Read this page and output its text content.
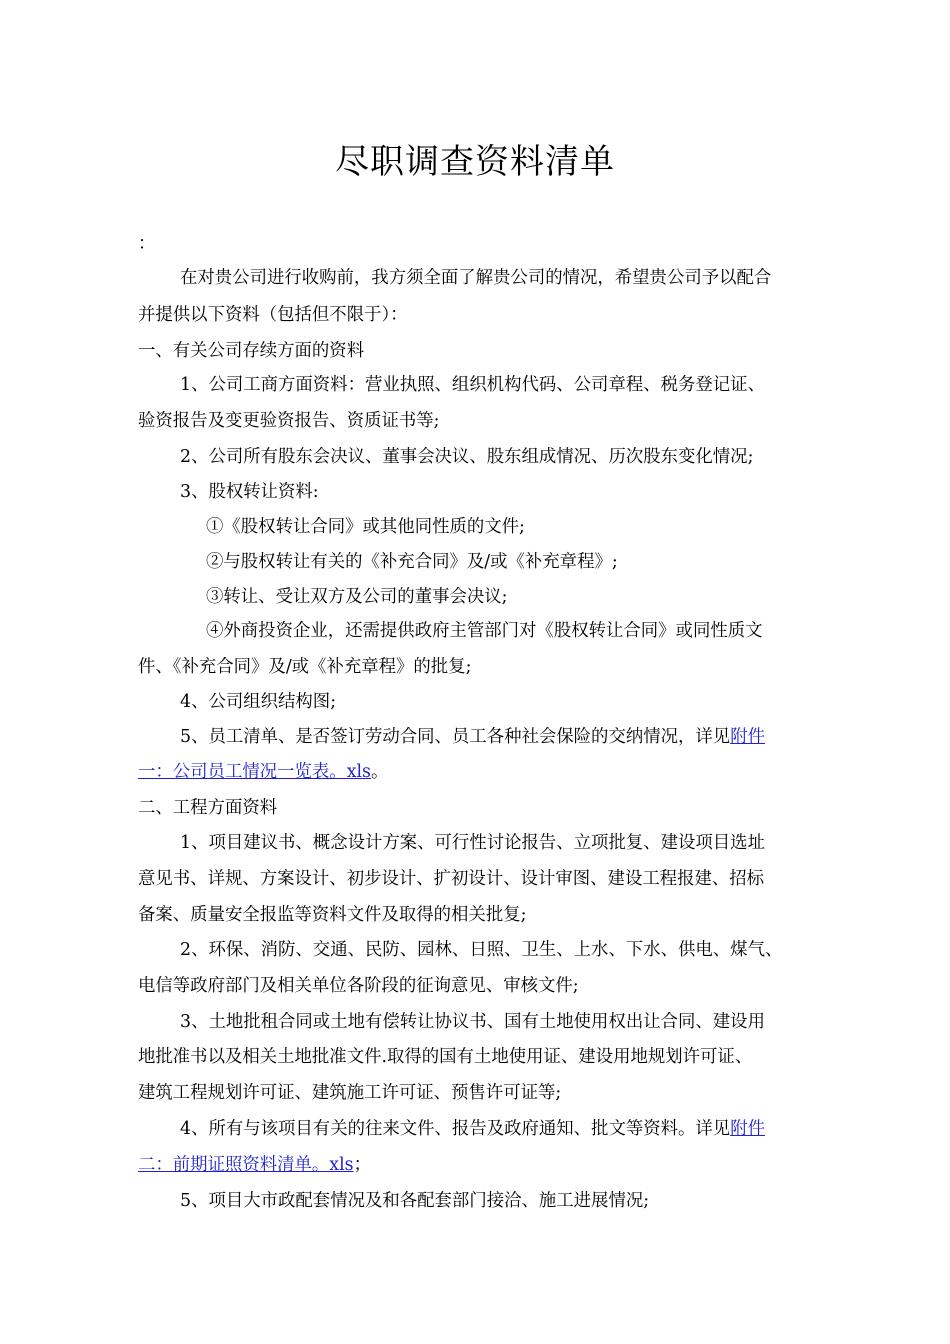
尽职调查资料清单
：
在对贵公司进行收购前，我方须全面了解贵公司的情况，希望贵公司予以配合
并提供以下资料（包括但不限于）：
一、有关公司存续方面的资料
1、公司工商方面资料：营业执照、组织机构代码、公司章程、税务登记证、
验资报告及变更验资报告、资质证书等;
2、公司所有股东会决议、董事会决议、股东组成情况、历次股东变化情况;
3、股权转让资料:
①《股权转让合同》或其他同性质的文件;
②与股权转让有关的《补充合同》及/或《补充章程》;
③转让、受让双方及公司的董事会决议;
④外商投资企业，还需提供政府主管部门对《股权转让合同》或同性质文
件、《补充合同》及/或《补充章程》的批复;
4、公司组织结构图;
5、员工清单、是否签订劳动合同、员工各种社会保险的交纳情况，详见附件
一：公司员工情况一览表。xls。
二、工程方面资料
1、项目建议书、概念设计方案、可行性讨论报告、立项批复、建设项目选址
意见书、详规、方案设计、初步设计、扩初设计、设计审图、建设工程报建、招标
备案、质量安全报监等资料文件及取得的相关批复;
2、环保、消防、交通、民防、园林、日照、卫生、上水、下水、供电、煤气、
电信等政府部门及相关单位各阶段的征询意见、审核文件;
3、土地批租合同或土地有偿转让协议书、国有土地使用权出让合同、建设用
地批准书以及相关土地批准文件.取得的国有土地使用证、建设用地规划许可证、
建筑工程规划许可证、建筑施工许可证、预售许可证等;
4、所有与该项目有关的往来文件、报告及政府通知、批文等资料。详见附件
二：前期证照资料清单。xls；
5、项目大市政配套情况及和各配套部门接洽、施工进展情况;
